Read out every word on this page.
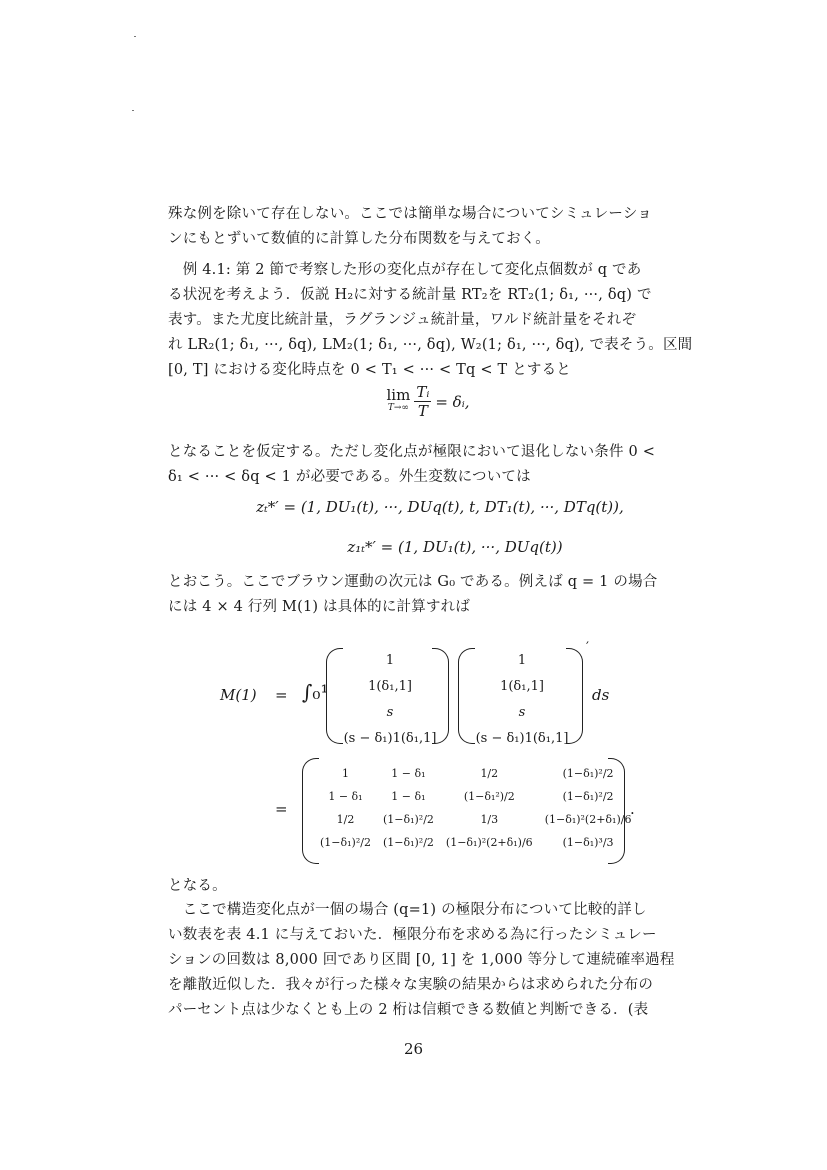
殊な例を除いて存在しない。ここでは簡単な場合についてシミュレーショ
ンにもとずいて数値的に計算した分布関数を与えておく。
　例 4.1: 第 2 節で考察した形の変化点が存在して変化点個数が q であ
る状況を考えよう．仮説 H₂に対する統計量 RT₂を RT₂(1; δ₁, ···, δq) で
表す。また尤度比統計量，ラグランジュ統計量，ワルド統計量をそれぞ
れ LR₂(1; δ₁, ···, δq), LM₂(1; δ₁, ···, δq), W₂(1; δ₁, ···, δq), で表そう。区間
[0, T] における変化時点を 0 < T₁ < ··· < Tq < T とすると
lim
$T\to\infty \frac{\text{Tᵢ}}{T}$ = δᵢ,
となることを仮定する。ただし変化点が極限において退化しない条件 0 <
δ₁ < ··· < δq < 1 が必要である。外生変数については
zₜ*′ = (1, DU₁(t), ···, DUq(t), t, DT₁(t), ···, DTq(t)),
z₁ₜ*′ = (1, DU₁(t), ···, DUq(t))
とおこう。ここでブラウン運動の次元は G₀ である。例えば q = 1 の場合
には 4 × 4 行列 M(1) は具体的に計算すれば
M(1) = ∫₀¹
1
1(δ₁,1]
s
(s − δ₁)1(δ₁,1]
1
1(δ₁,1]
s
(s − δ₁)1(δ₁,1]
′
ds
=
1	1 − δ₁	1/2	(1−δ₁)²/2
1 − δ₁	1 − δ₁	(1−δ₁²)/2	(1−δ₁)²/2
1/2	(1−δ₁)²/2	1/3	(1−δ₁)²(2+δ₁)/6
(1−δ₁)²/2	(1−δ₁)²/2	(1−δ₁)²(2+δ₁)/6	(1−δ₁)³/3
.
となる。
　ここで構造変化点が一個の場合 (q=1) の極限分布について比較的詳し
い数表を表 4.1 に与えておいた．極限分布を求める為に行ったシミュレー
ションの回数は 8,000 回であり区間 [0, 1] を 1,000 等分して連続確率過程
を離散近似した．我々が行った様々な実験の結果からは求められた分布の
パーセント点は少なくとも上の 2 桁は信頼できる数値と判断できる．(表
26
